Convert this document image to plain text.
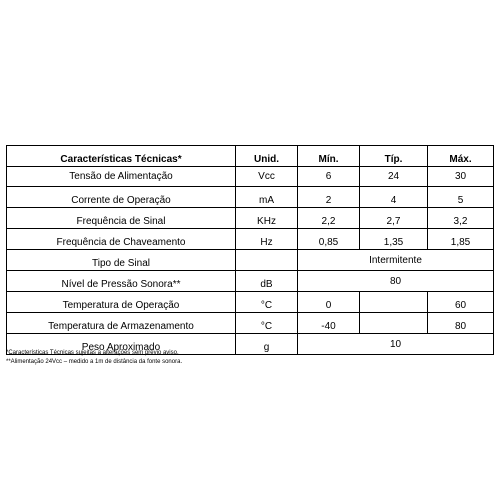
Características Técnicas*	Unid.	Mín.	Típ.	Máx.
Tensão de Alimentação	Vcc	6	24	30
Corrente de Operação	mA	2	4	5
Frequência de Sinal	KHz	2,2	2,7	3,2
Frequência de Chaveamento	Hz	0,85	1,35	1,85
Tipo de Sinal		Intermitente		
Nível de Pressão Sonora**	dB	80		
Temperatura de Operação	°C	0		60
Temperatura de Armazenamento	°C	-40		80
Peso Aproximado	g	10		
*Características Técnicas sujeitas a alterações sem prévio aviso.
**Alimentação 24Vcc – medido a 1m de distância da fonte sonora.
